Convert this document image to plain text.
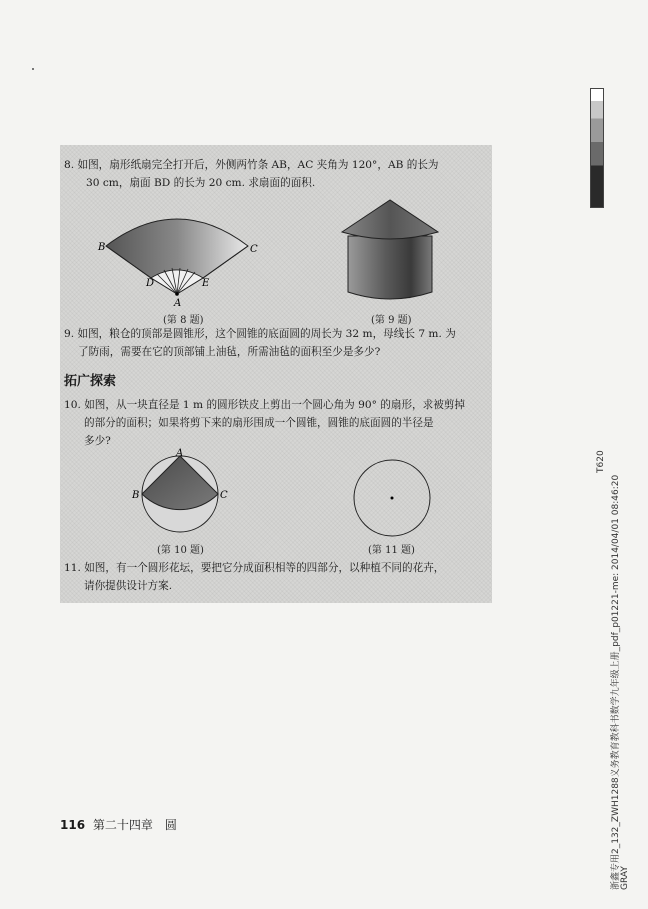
8. 如图，扇形纸扇完全打开后，外侧两竹条 AB，AC 夹角为 120°，AB 的长为
30 cm，扇面 BD 的长为 20 cm. 求扇面的面积.
B	C
D	E
A
(第 8 题)	(第 9 题)
9. 如图，粮仓的顶部是圆锥形，这个圆锥的底面圆的周长为 32 m，母线长 7 m. 为
了防雨，需要在它的顶部铺上油毡，所需油毡的面积至少是多少?
拓广探索
10. 如图，从一块直径是 1 m 的圆形铁皮上剪出一个圆心角为 90° 的扇形，求被剪掉
的部分的面积；如果将剪下来的扇形围成一个圆锥，圆锥的底面圆的半径是
多少?
A
B	C
(第 10 题)	(第 11 题)
11. 如图，有一个圆形花坛，要把它分成面积相等的四部分，以种植不同的花卉，
请你提供设计方案.
116 第二十四章　圆
T620
浙鑫专用2_132_ZWH1288义务教育教科书数学九年级上册_pdf_p01221-me: 2014/04/01 08:46:20 GRAY
